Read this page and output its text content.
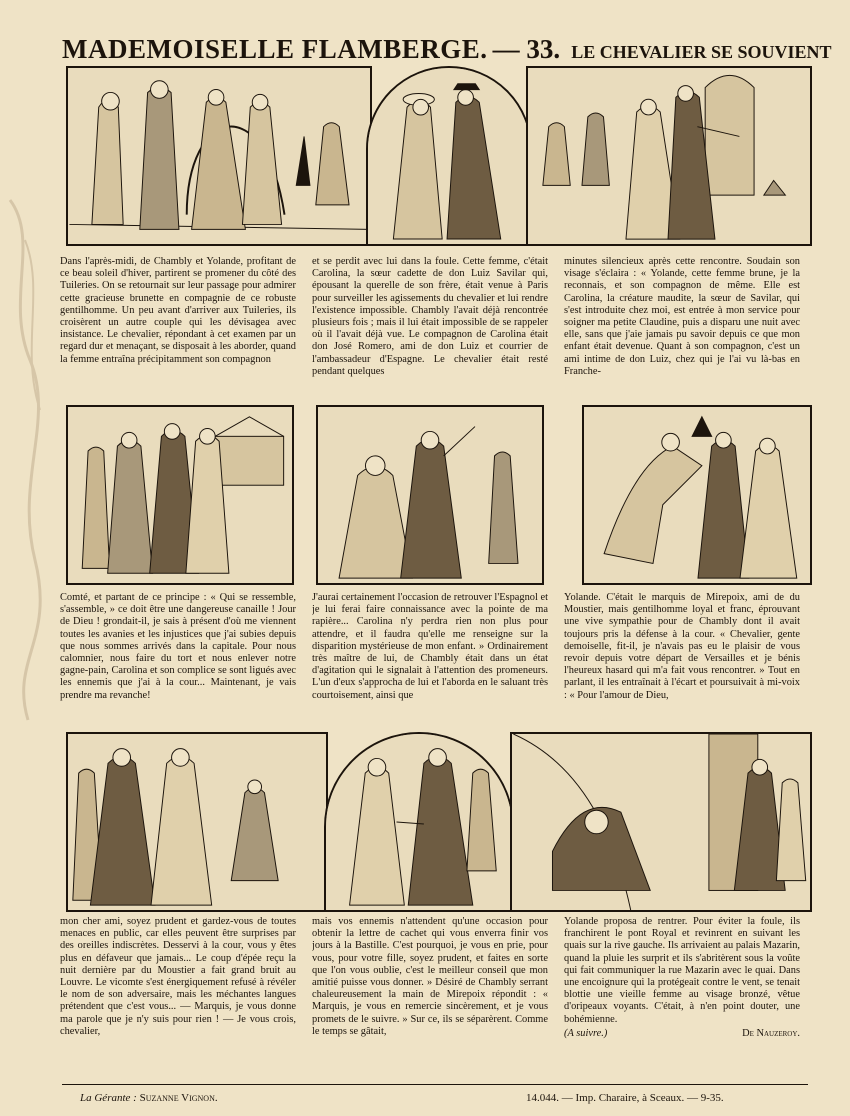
MADEMOISELLE FLAMBERGE. — 33. LE CHEVALIER SE SOUVIENT
Dans l'après-midi, de Chambly et Yolande, profitant de ce beau soleil d'hiver, partirent se promener du côté des Tuileries. On se retournait sur leur passage pour admirer cette gracieuse brunette en compagnie de ce robuste gentilhomme. Un peu avant d'arriver aux Tuileries, ils croisèrent un autre couple qui les dévisagea avec insistance. Le chevalier, répondant à cet examen par un regard dur et menaçant, se disposait à les aborder, quand la femme entraîna précipitamment son compagnon
et se perdit avec lui dans la foule. Cette femme, c'était Carolina, la sœur cadette de don Luiz Savilar qui, épousant la querelle de son frère, était venue à Paris pour surveiller les agissements du chevalier et lui rendre l'existence impossible. Chambly l'avait déjà rencontrée plusieurs fois ; mais il lui était impossible de se rappeler où il l'avait déjà vue. Le compagnon de Carolina était don José Romero, ami de don Luiz et courrier de l'ambassadeur d'Espagne. Le chevalier était resté pendant quelques
minutes silencieux après cette rencontre. Soudain son visage s'éclaira : « Yolande, cette femme brune, je la reconnais, et son compagnon de même. Elle est Carolina, la créature maudite, la sœur de Savilar, qui s'est introduite chez moi, est entrée à mon service pour soigner ma petite Claudine, puis a disparu une nuit avec elle, sans que j'aie jamais pu savoir depuis ce que mon enfant était devenue. Quant à son compagnon, c'est un ami intime de don Luiz, chez qui je l'ai vu là-bas en Franche-
Comté, et partant de ce principe : « Qui se ressemble, s'assemble, » ce doit être une dangereuse canaille ! Jour de Dieu ! grondait-il, je sais à présent d'où me viennent toutes les avanies et les injustices que j'ai subies depuis que nous sommes arrivés dans la capitale. Pour nous calomnier, nous faire du tort et nous enlever notre gagne-pain, Carolina et son complice se sont ligués avec les ennemis que j'ai à la cour... Maintenant, je vais prendre ma revanche!
J'aurai certainement l'occasion de retrouver l'Espagnol et je lui ferai faire connaissance avec la pointe de ma rapière... Carolina n'y perdra rien non plus pour attendre, et il faudra qu'elle me renseigne sur la disparition mystérieuse de mon enfant. » Ordinairement très maître de lui, de Chambly était dans un état d'agitation qui le signalait à l'attention des promeneurs. L'un d'eux s'approcha de lui et l'aborda en le saluant très courtoisement, ainsi que
Yolande. C'était le marquis de Mirepoix, ami de du Moustier, mais gentilhomme loyal et franc, éprouvant une vive sympathie pour de Chambly dont il avait toujours pris la défense à la cour. « Chevalier, gente demoiselle, fit-il, je n'avais pas eu le plaisir de vous revoir depuis votre départ de Versailles et je bénis l'heureux hasard qui m'a fait vous rencontrer. » Tout en parlant, il les entraînait à l'écart et poursuivait à mi-voix : « Pour l'amour de Dieu,
mon cher ami, soyez prudent et gardez-vous de toutes menaces en public, car elles peuvent être surprises par des oreilles indiscrètes. Desservi à la cour, vous y êtes plus en défaveur que jamais... Le coup d'épée reçu la nuit dernière par du Moustier a fait grand bruit au Louvre. Le vicomte s'est énergiquement refusé à révéler le nom de son adversaire, mais les méchantes langues prétendent que c'est vous... — Marquis, je vous donne ma parole que je n'y suis pour rien ! — Je vous crois, chevalier,
mais vos ennemis n'attendent qu'une occasion pour obtenir la lettre de cachet qui vous enverra finir vos jours à la Bastille. C'est pourquoi, je vous en prie, pour vous, pour votre fille, soyez prudent, et faites en sorte que l'on vous oublie, c'est le meilleur conseil que mon amitié puisse vous donner. » Désiré de Chambly serrant chaleureusement la main de Mirepoix répondit : « Marquis, je vous en remercie sincèrement, et je vous promets de le suivre. » Sur ce, ils se séparèrent. Comme le temps se gâtait,
Yolande proposa de rentrer. Pour éviter la foule, ils franchirent le pont Royal et revinrent en suivant les quais sur la rive gauche. Ils arrivaient au palais Mazarin, quand la pluie les surprit et ils s'abritèrent sous la voûte qui fait communiquer la rue Mazarin avec le quai. Dans une encoignure qui la protégeait contre le vent, se tenait blottie une vieille femme au visage bronzé, vêtue d'oripeaux voyants. C'était, à n'en point douter, une bohémienne.
(A suivre.)	De Nauzeroy.
La Gérante : Suzanne Vignon.	14.044. — Imp. Charaire, à Sceaux. — 9-35.
